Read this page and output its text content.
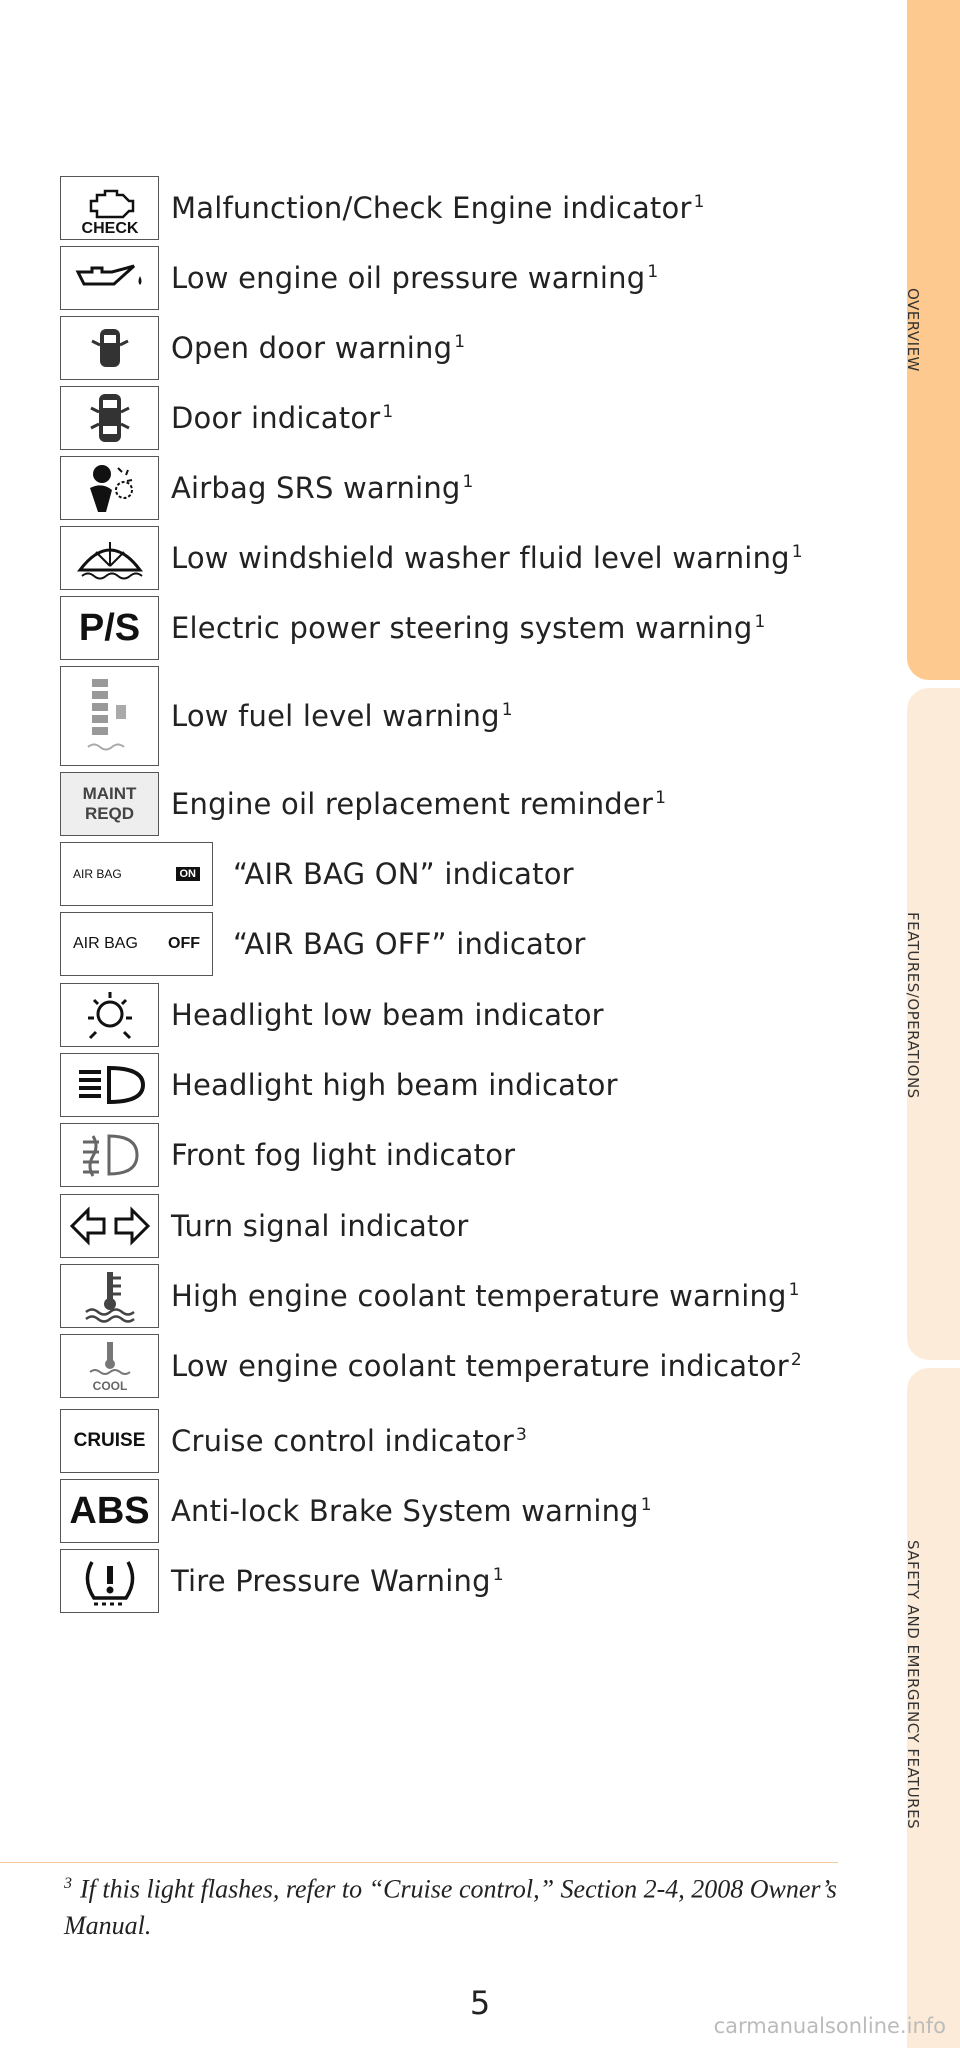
OVERVIEW
FEATURES/OPERATIONS
SAFETY AND EMERGENCY FEATURES
CHECK
Malfunction/Check Engine indicator $^1$
Low engine oil pressure warning $^1$
Open door warning $^1$
Door indicator $^1$
Airbag SRS warning $^1$
Low windshield washer fluid level warning $^1$
P/S Electric power steering system warning $^1$
Low fuel level warning $^1$
MAINT REQD Engine oil replacement reminder $^1$
AIR BAG	ON “AIR BAG ON” indicator
AIR BAG OFF “AIR BAG OFF” indicator
Headlight low beam indicator
Headlight high beam indicator
Front fog light indicator
Turn signal indicator
High engine coolant temperature warning $^1$
COOL
Low engine coolant temperature indicator $^2$
CRUISE Cruise control indicator $^3$
ABS Anti-lock Brake System warning $^1$
Tire Pressure Warning $^1$
$^3$ If this light flashes, refer to “Cruise control,” Section 2-4, 2008 Owner’s Manual.
5
carmanualsonline.info
